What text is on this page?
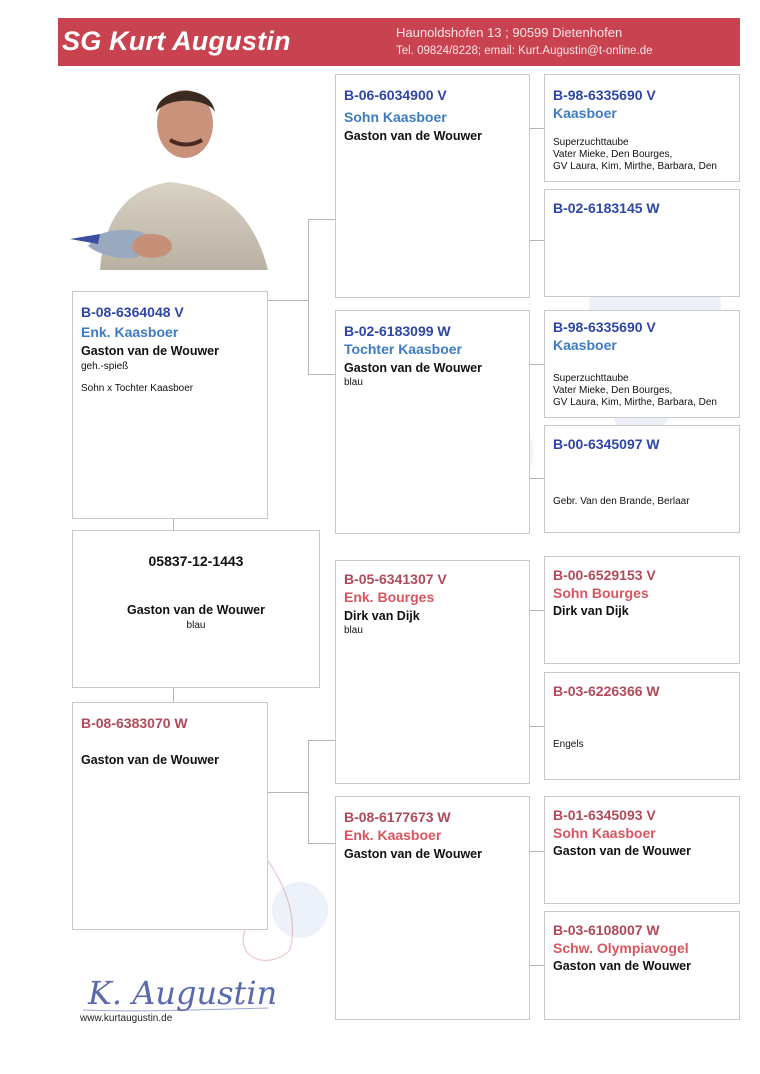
SG Kurt Augustin	Haunoldshofen 13 ; 90599 Dietenhofen
Tel. 09824/8228; email: Kurt.Augustin@t-online.de
B-08-6364048 V
Enk. Kaasboer
Gaston van de Wouwer
geh.-spieß
Sohn x Tochter Kaasboer
05837-12-1443
Gaston van de Wouwer
blau
B-08-6383070 W
Gaston van de Wouwer
B-06-6034900 V
Sohn Kaasboer
Gaston van de Wouwer
B-02-6183099 W
Tochter Kaasboer
Gaston van de Wouwer
blau
B-05-6341307 V
Enk. Bourges
Dirk van Dijk
blau
B-08-6177673 W
Enk. Kaasboer
Gaston van de Wouwer
B-98-6335690 V
Kaasboer
Superzuchttaube
Vater Mieke, Den Bourges,
GV Laura, Kim, Mirthe, Barbara, Den
B-02-6183145 W
B-98-6335690 V
Kaasboer
Superzuchttaube
Vater Mieke, Den Bourges,
GV Laura, Kim, Mirthe, Barbara, Den
B-00-6345097 W
Gebr. Van den Brande, Berlaar
B-00-6529153 V
Sohn Bourges
Dirk van Dijk
B-03-6226366 W
Engels
B-01-6345093 V
Sohn Kaasboer
Gaston van de Wouwer
B-03-6108007 W
Schw. Olympiavogel
Gaston van de Wouwer
K. Augustin
www.kurtaugustin.de
